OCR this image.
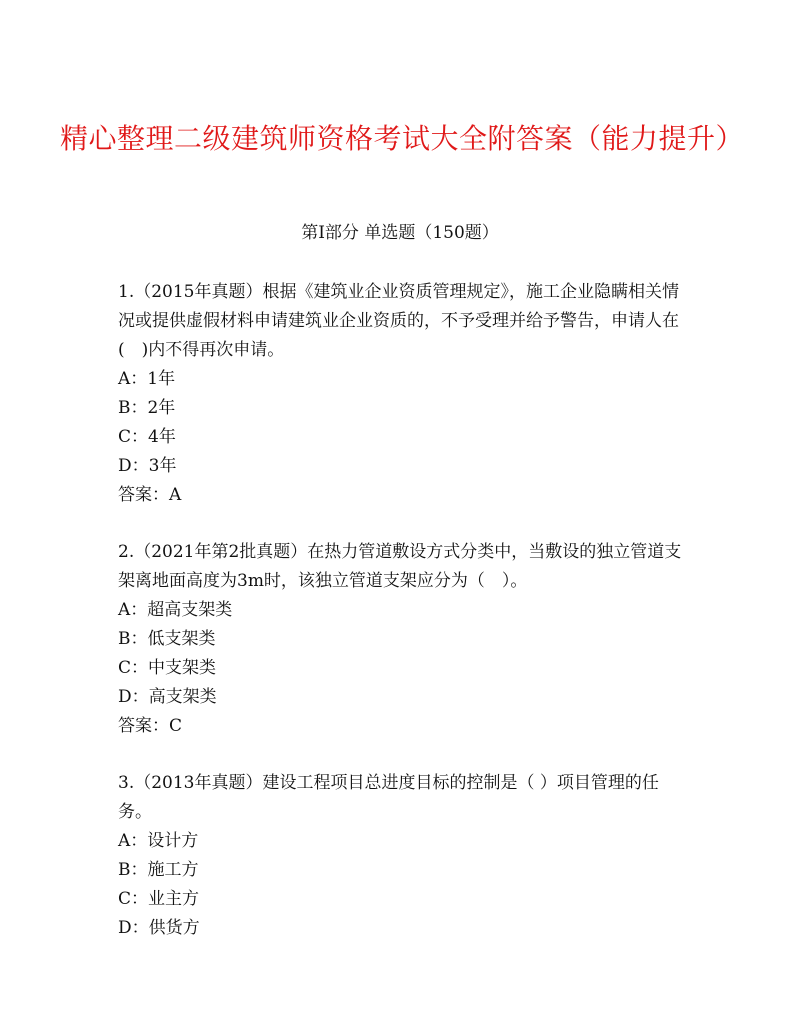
精心整理二级建筑师资格考试大全附答案（能力提升）
第Ⅰ部分 单选题（150题）

1.（2015年真题）根据《建筑业企业资质管理规定》，施工企业隐瞒相关情况或提供虚假材料申请建筑业企业资质的，不予受理并给予警告，申请人在(　)内不得再次申请。

A：1年

B：2年

C：4年

D：3年

答案：A

2.（2021年第2批真题）在热力管道敷设方式分类中，当敷设的独立管道支架离地面高度为3m时，该独立管道支架应分为（　）。

A：超高支架类

B：低支架类

C：中支架类

D：高支架类

答案：C

3.（2013年真题）建设工程项目总进度目标的控制是（ ）项目管理的任务。

A：设计方

B：施工方

C：业主方

D：供货方
